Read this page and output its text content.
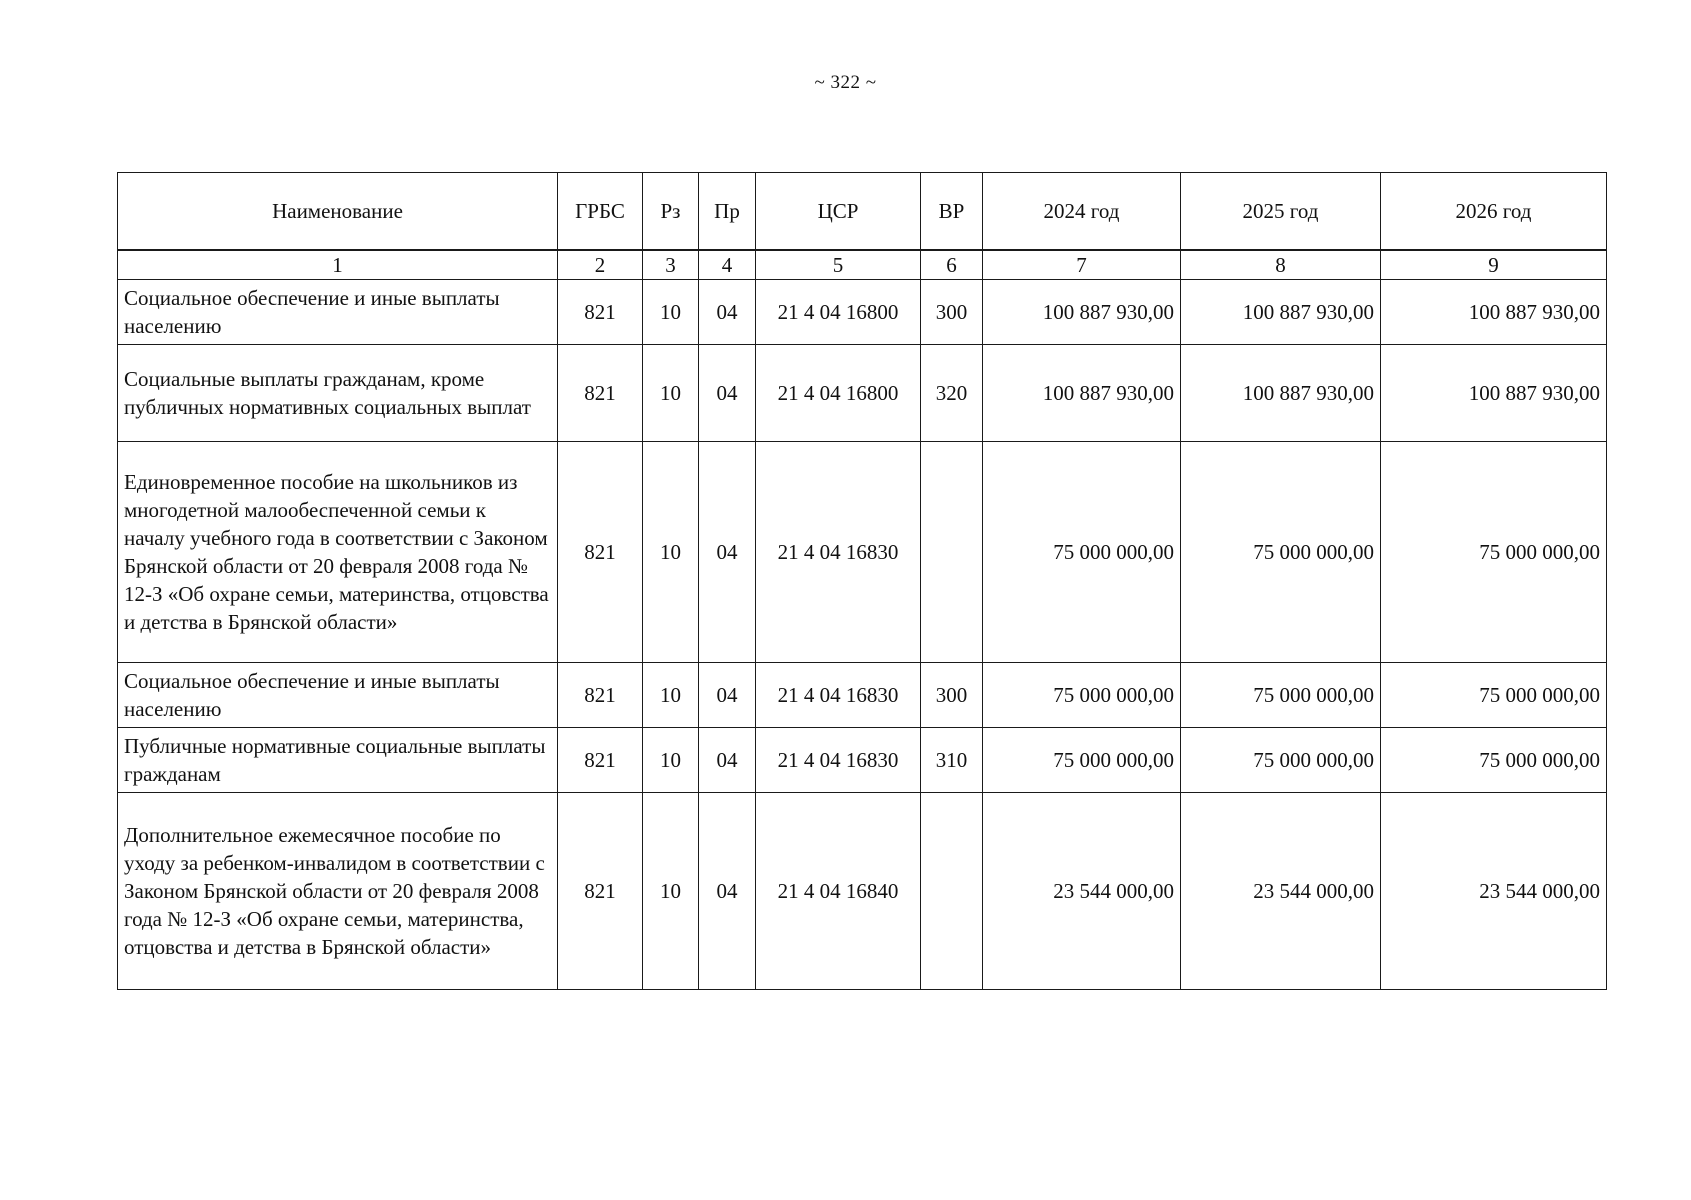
~ 322 ~
Наименование	ГРБС	Рз	Пр	ЦСР	ВР	2024 год	2025 год	2026 год
1	2	3	4	5	6	7	8	9
Социальное обеспечение и иные выплаты населению	821	10	04	21 4 04 16800	300	100 887 930,00	100 887 930,00	100 887 930,00
Социальные выплаты гражданам, кроме публичных нормативных социальных выплат	821	10	04	21 4 04 16800	320	100 887 930,00	100 887 930,00	100 887 930,00
Единовременное пособие на школьников из многодетной малообеспеченной семьи к началу учебного года в соответствии с Законом Брянской области от 20 февраля 2008 года № 12-З «Об охране семьи, материнства, отцовства и детства в Брянской области»	821	10	04	21 4 04 16830		75 000 000,00	75 000 000,00	75 000 000,00
Социальное обеспечение и иные выплаты населению	821	10	04	21 4 04 16830	300	75 000 000,00	75 000 000,00	75 000 000,00
Публичные нормативные социальные выплаты гражданам	821	10	04	21 4 04 16830	310	75 000 000,00	75 000 000,00	75 000 000,00
Дополнительное ежемесячное пособие по уходу за ребенком-инвалидом в соответствии с Законом Брянской области от 20 февраля 2008 года № 12-З «Об охране семьи, материнства, отцовства и детства в Брянской области»	821	10	04	21 4 04 16840		23 544 000,00	23 544 000,00	23 544 000,00
